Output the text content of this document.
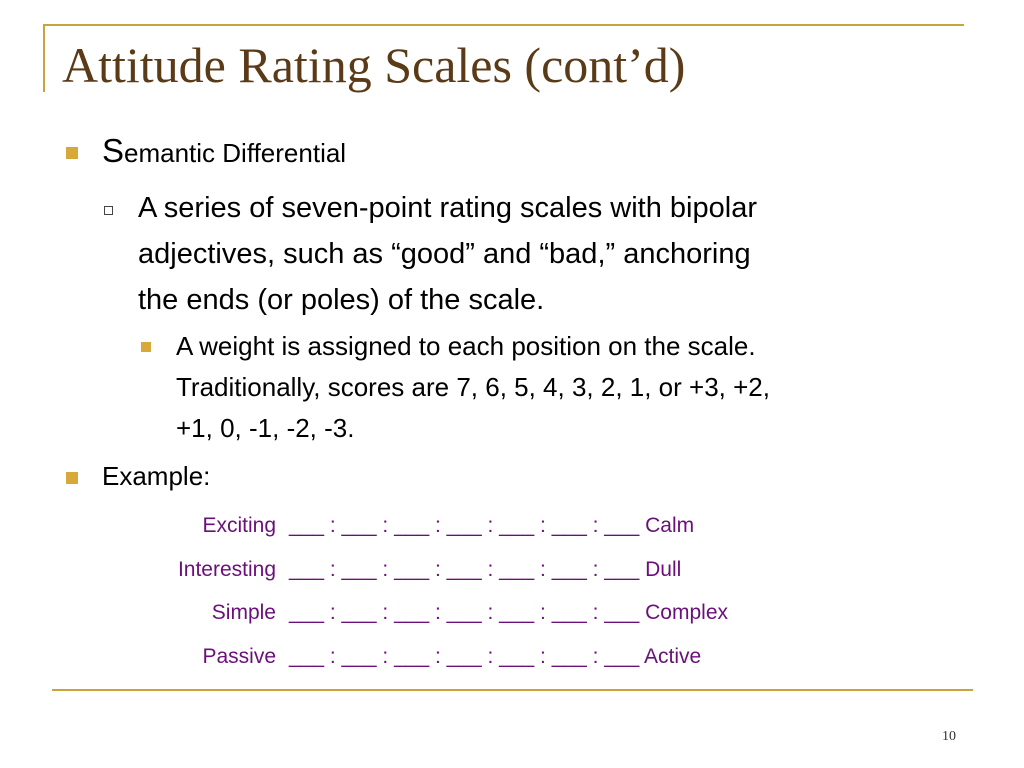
Attitude Rating Scales (cont’d)
Semantic Differential
A series of seven-point rating scales with bipolar
adjectives, such as “good” and “bad,” anchoring
the ends (or poles) of the scale.
A weight is assigned to each position on the scale.
Traditionally, scores are 7, 6, 5, 4, 3, 2, 1, or +3, +2,
+1, 0, -1, -2, -3.
Example:
Exciting ___ : ___ : ___ : ___ : ___ : ___ : ___ Calm
Interesting ___ : ___ : ___ : ___ : ___ : ___ : ___ Dull
Simple ___ : ___ : ___ : ___ : ___ : ___ : ___ Complex
Passive ___ : ___ : ___ : ___ : ___ : ___ : ___ Active
10
